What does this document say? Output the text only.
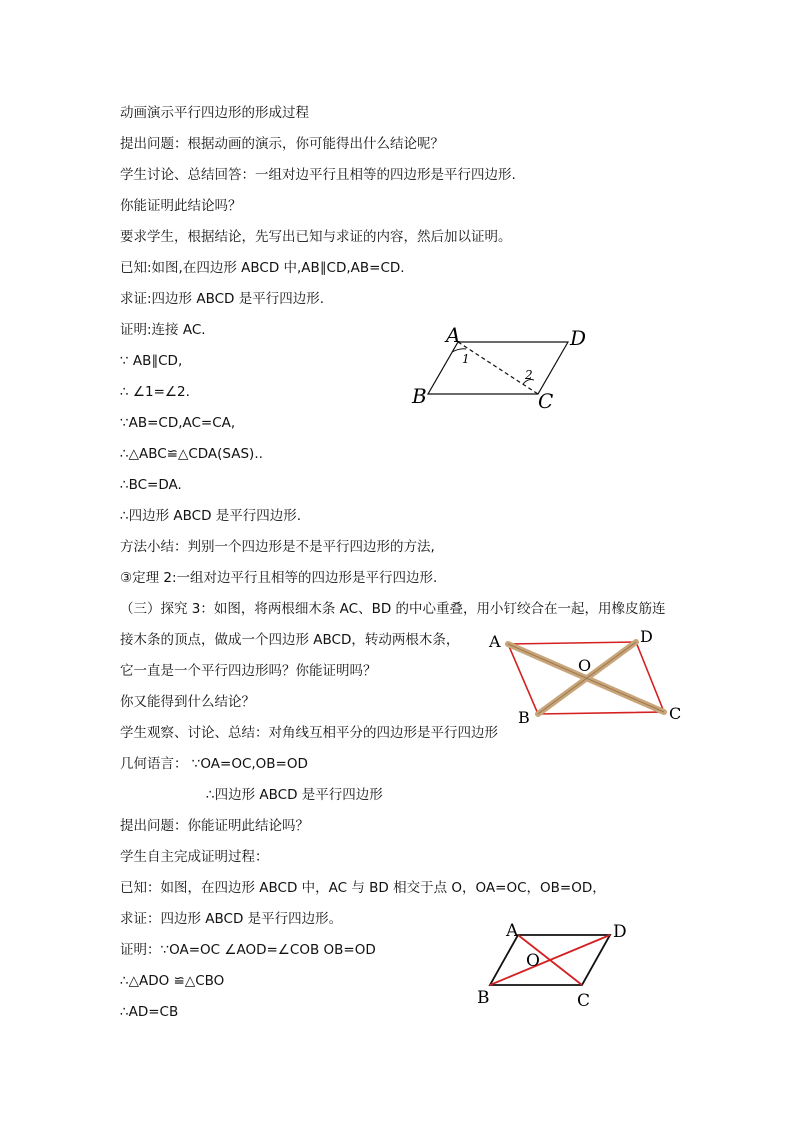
动画演示平行四边形的形成过程
提出问题：根据动画的演示，你可能得出什么结论呢？
学生讨论、总结回答：一组对边平行且相等的四边形是平行四边形.
你能证明此结论吗？
要求学生，根据结论，先写出已知与求证的内容，然后加以证明。
已知:如图,在四边形 ABCD 中,AB∥CD,AB=CD.
求证:四边形 ABCD 是平行四边形.
证明:连接 AC.
∵ AB∥CD,
∴ ∠1=∠2.
∵AB=CD,AC=CA,
∴△ABC≌△CDA(SAS)..
∴BC=DA.
∴四边形 ABCD 是平行四边形.
方法小结：判别一个四边形是不是平行四边形的方法,
③定理 2:一组对边平行且相等的四边形是平行四边形.
（三）探究 3：如图，将两根细木条 AC、BD 的中心重叠，用小钉绞合在一起，用橡皮筋连
接木条的顶点，做成一个四边形 ABCD，转动两根木条，
它一直是一个平行四边形吗？你能证明吗？
你又能得到什么结论？
学生观察、讨论、总结：对角线互相平分的四边形是平行四边形
几何语言： ∵OA=OC,OB=OD
∴四边形 ABCD 是平行四边形
提出问题：你能证明此结论吗？
学生自主完成证明过程：
已知：如图，在四边形 ABCD 中，AC 与 BD 相交于点 O，OA=OC，OB=OD，
求证：四边形 ABCD 是平行四边形。
证明：∵OA=OC ∠AOD=∠COB OB=OD
∴△ADO ≌△CBO
∴AD=CB
A	D
B	C
1
2
A	D
B	C
O
A	D
B	C
O
